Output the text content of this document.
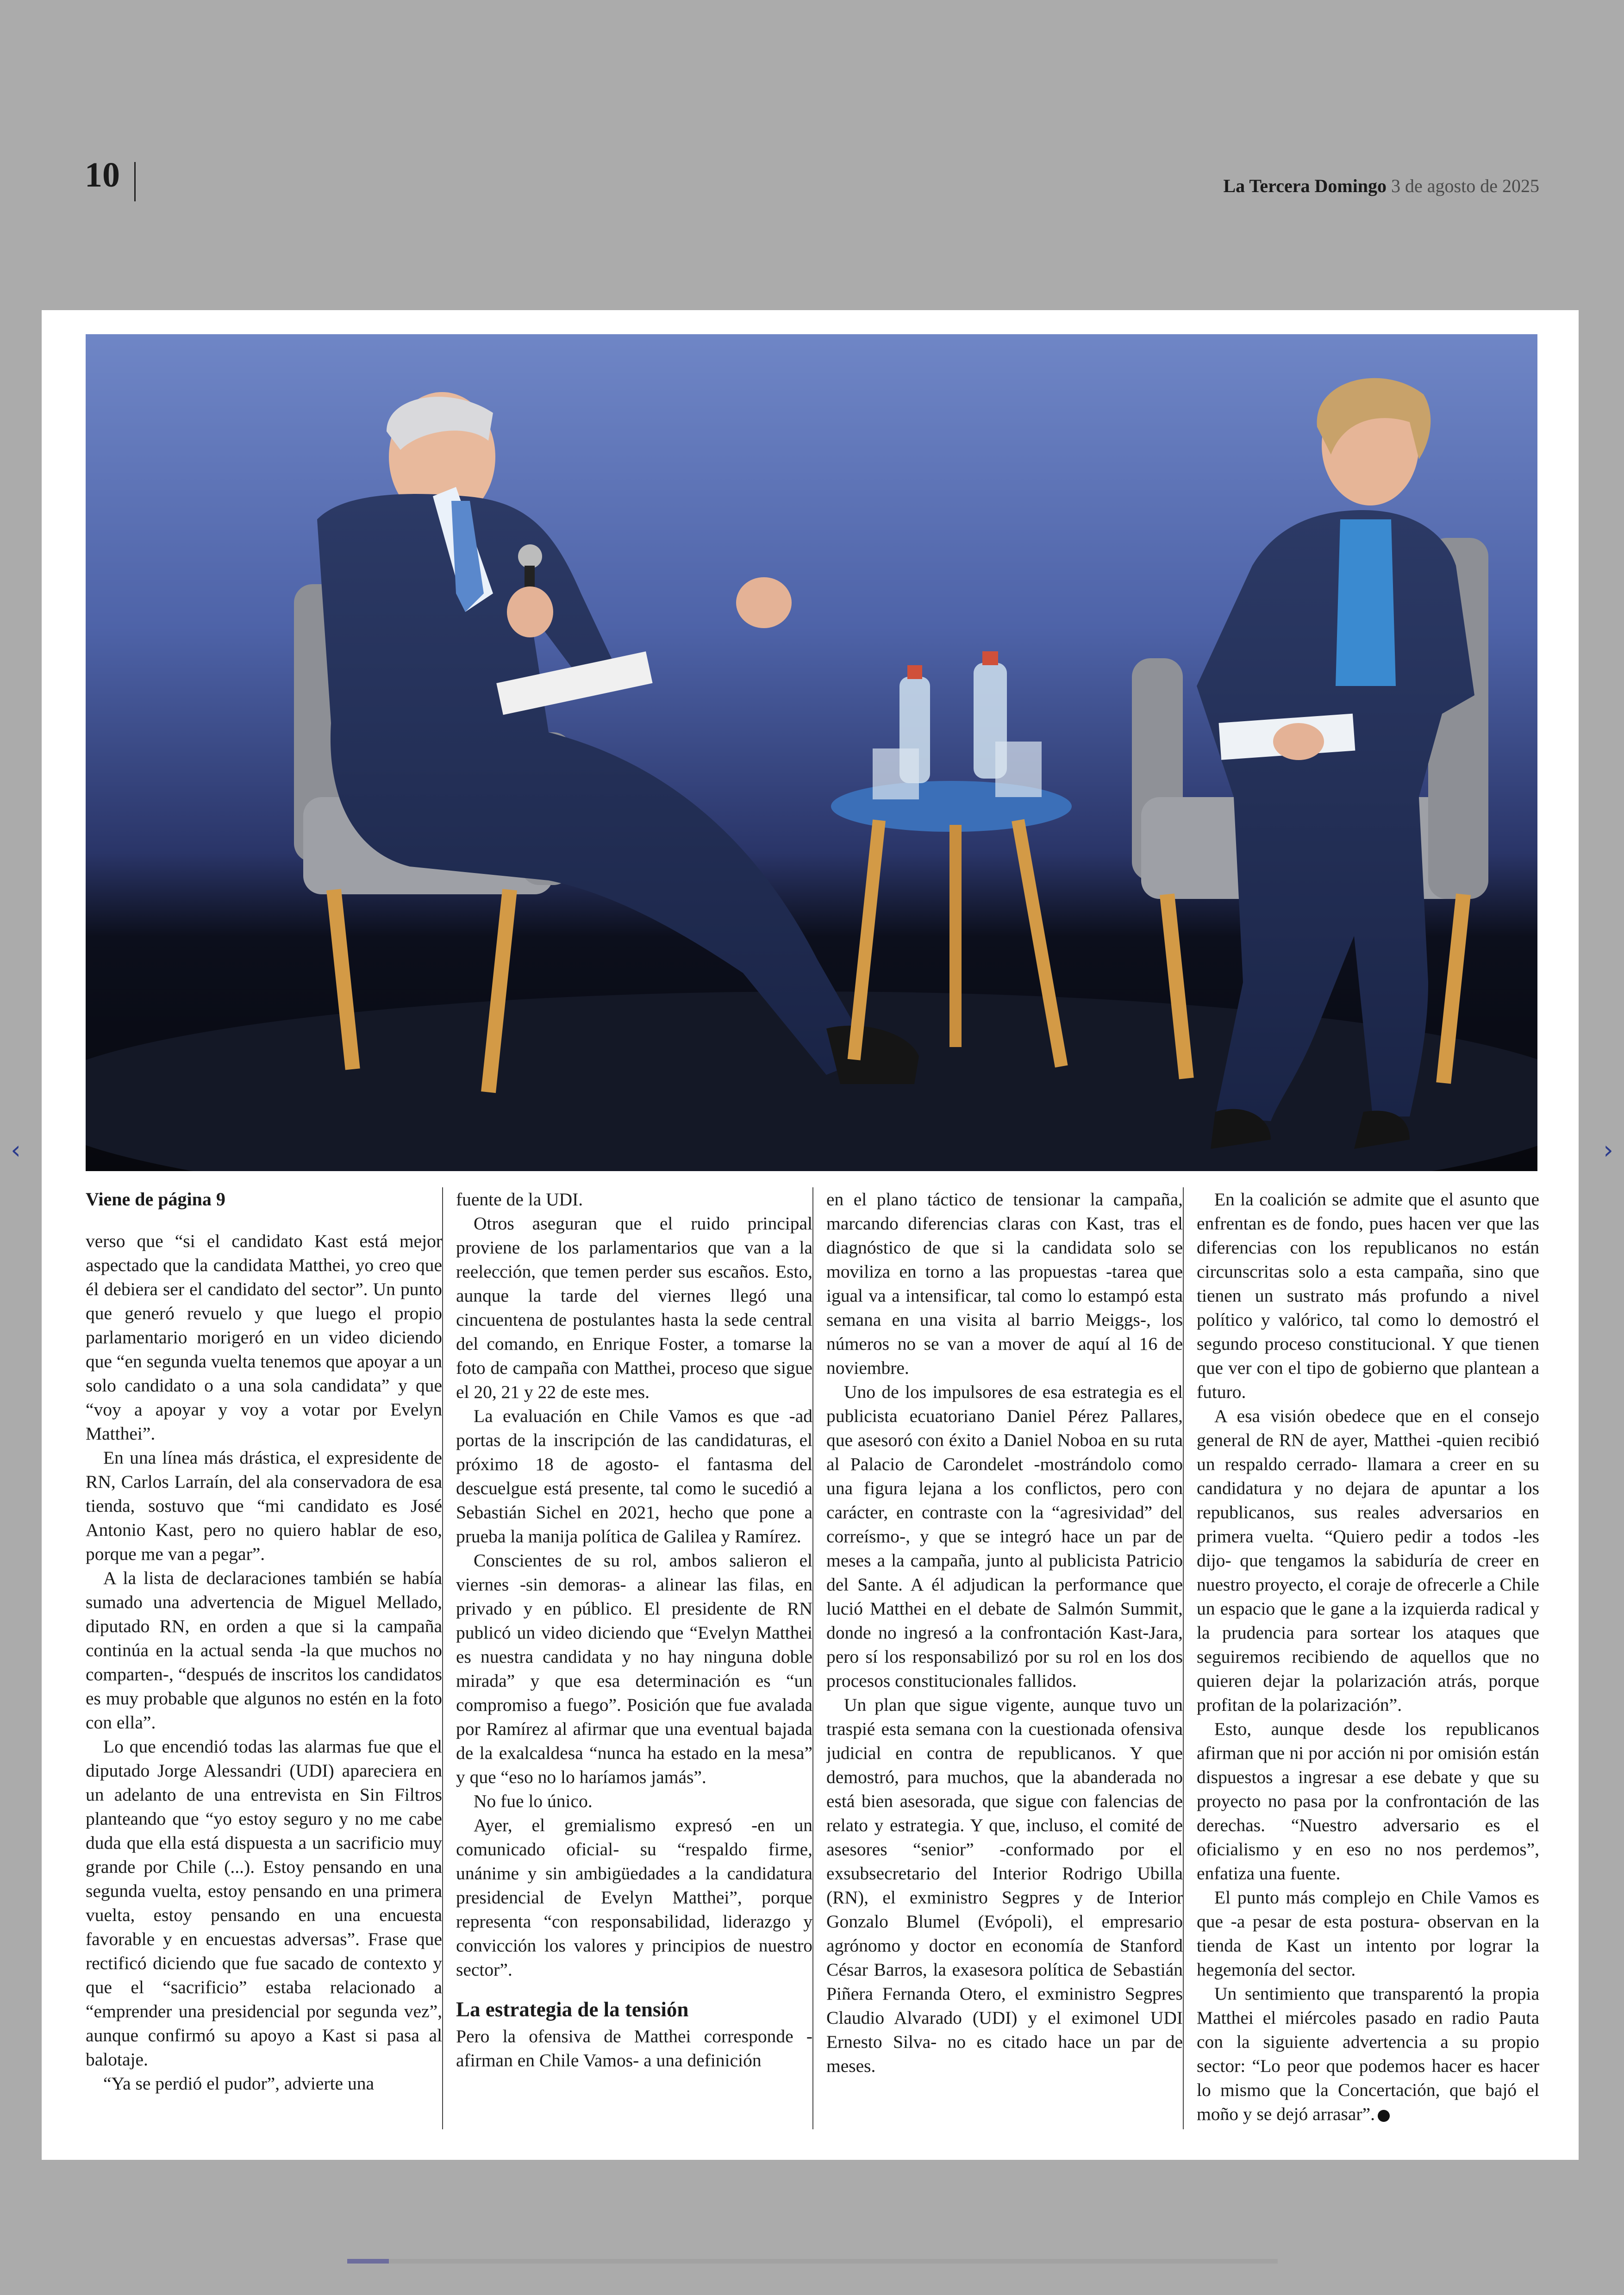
10	La Tercera Domingo 3 de agosto de 2025

Viene de página 9

verso que “si el candidato Kast está mejor aspectado que la candidata Matthei, yo creo que él debiera ser el candidato del sector”. Un punto que generó revuelo y que luego el propio parlamentario morigeró en un video diciendo que “en segunda vuelta tenemos que apoyar a un solo candidato o a una sola candidata” y que “voy a apoyar y voy a votar por Evelyn Matthei”.

En una línea más drástica, el expresidente de RN, Carlos Larraín, del ala conservadora de esa tienda, sostuvo que “mi candidato es José Antonio Kast, pero no quiero hablar de eso, porque me van a pegar”.

A la lista de declaraciones también se había sumado una advertencia de Miguel Mellado, diputado RN, en orden a que si la campaña continúa en la actual senda -la que muchos no comparten-, “después de inscritos los candidatos es muy probable que algunos no estén en la foto con ella”.

Lo que encendió todas las alarmas fue que el diputado Jorge Alessandri (UDI) apareciera en un adelanto de una entrevista en Sin Filtros planteando que “yo estoy seguro y no me cabe duda que ella está dispuesta a un sacrificio muy grande por Chile (...). Estoy pensando en una segunda vuelta, estoy pensando en una primera vuelta, estoy pensando en una encuesta favorable y en encuestas adversas”. Frase que rectificó diciendo que fue sacado de contexto y que el “sacrificio” estaba relacionado a “emprender una presidencial por segunda vez”, aunque confirmó su apoyo a Kast si pasa al balotaje.

“Ya se perdió el pudor”, advierte una

fuente de la UDI.

Otros aseguran que el ruido principal proviene de los parlamentarios que van a la reelección, que temen perder sus escaños. Esto, aunque la tarde del viernes llegó una cincuentena de postulantes hasta la sede central del comando, en Enrique Foster, a tomarse la foto de campaña con Matthei, proceso que sigue el 20, 21 y 22 de este mes.

La evaluación en Chile Vamos es que -ad portas de la inscripción de las candidaturas, el próximo 18 de agosto- el fantasma del descuelgue está presente, tal como le sucedió a Sebastián Sichel en 2021, hecho que pone a prueba la manija política de Galilea y Ramírez.

Conscientes de su rol, ambos salieron el viernes -sin demoras- a alinear las filas, en privado y en público. El presidente de RN publicó un video diciendo que “Evelyn Matthei es nuestra candidata y no hay ninguna doble mirada” y que esa determinación es “un compromiso a fuego”. Posición que fue avalada por Ramírez al afirmar que una eventual bajada de la exalcaldesa “nunca ha estado en la mesa” y que “eso no lo haríamos jamás”.

No fue lo único.

Ayer, el gremialismo expresó -en un comunicado oficial- su “respaldo firme, unánime y sin ambigüedades a la candidatura presidencial de Evelyn Matthei”, porque representa “con responsabilidad, liderazgo y convicción los valores y principios de nuestro sector”.

La estrategia de la tensión

Pero la ofensiva de Matthei corresponde -afirman en Chile Vamos- a una definición

en el plano táctico de tensionar la campaña, marcando diferencias claras con Kast, tras el diagnóstico de que si la candidata solo se moviliza en torno a las propuestas -tarea que igual va a intensificar, tal como lo estampó esta semana en una visita al barrio Meiggs-, los números no se van a mover de aquí al 16 de noviembre.

Uno de los impulsores de esa estrategia es el publicista ecuatoriano Daniel Pérez Pallares, que asesoró con éxito a Daniel Noboa en su ruta al Palacio de Carondelet -mostrándolo como una figura lejana a los conflictos, pero con carácter, en contraste con la “agresividad” del correísmo-, y que se integró hace un par de meses a la campaña, junto al publicista Patricio del Sante. A él adjudican la performance que lució Matthei en el debate de Salmón Summit, donde no ingresó a la confrontación Kast-Jara, pero sí los responsabilizó por su rol en los dos procesos constitucionales fallidos.

Un plan que sigue vigente, aunque tuvo un traspié esta semana con la cuestionada ofensiva judicial en contra de republicanos. Y que demostró, para muchos, que la abanderada no está bien asesorada, que sigue con falencias de relato y estrategia. Y que, incluso, el comité de asesores “senior” -conformado por el exsubsecretario del Interior Rodrigo Ubilla (RN), el exministro Segpres y de Interior Gonzalo Blumel (Evópoli), el empresario agrónomo y doctor en economía de Stanford César Barros, la exasesora política de Sebastián Piñera Fernanda Otero, el exministro Segpres Claudio Alvarado (UDI) y el eximonel UDI Ernesto Silva- no es citado hace un par de meses.

En la coalición se admite que el asunto que enfrentan es de fondo, pues hacen ver que las diferencias con los republicanos no están circunscritas solo a esta campaña, sino que tienen un sustrato más profundo a nivel político y valórico, tal como lo demostró el segundo proceso constitucional. Y que tienen que ver con el tipo de gobierno que plantean a futuro.

A esa visión obedece que en el consejo general de RN de ayer, Matthei -quien recibió un respaldo cerrado- llamara a creer en su candidatura y no dejara de apuntar a los republicanos, sus reales adversarios en primera vuelta. “Quiero pedir a todos -les dijo- que tengamos la sabiduría de creer en nuestro proyecto, el coraje de ofrecerle a Chile un espacio que le gane a la izquierda radical y la prudencia para sortear los ataques que seguiremos recibiendo de aquellos que no quieren dejar la polarización atrás, porque profitan de la polarización”.

Esto, aunque desde los republicanos afirman que ni por acción ni por omisión están dispuestos a ingresar a ese debate y que su proyecto no pasa por la confrontación de las derechas. “Nuestro adversario es el oficialismo y en eso no nos perdemos”, enfatiza una fuente.

El punto más complejo en Chile Vamos es que -a pesar de esta postura- observan en la tienda de Kast un intento por lograr la hegemonía del sector.

Un sentimiento que transparentó la propia Matthei el miércoles pasado en radio Pauta con la siguiente advertencia a su propio sector: “Lo peor que podemos hacer es hacer lo mismo que la Concertación, que bajó el moño y se dejó arrasar”.

‹	›
